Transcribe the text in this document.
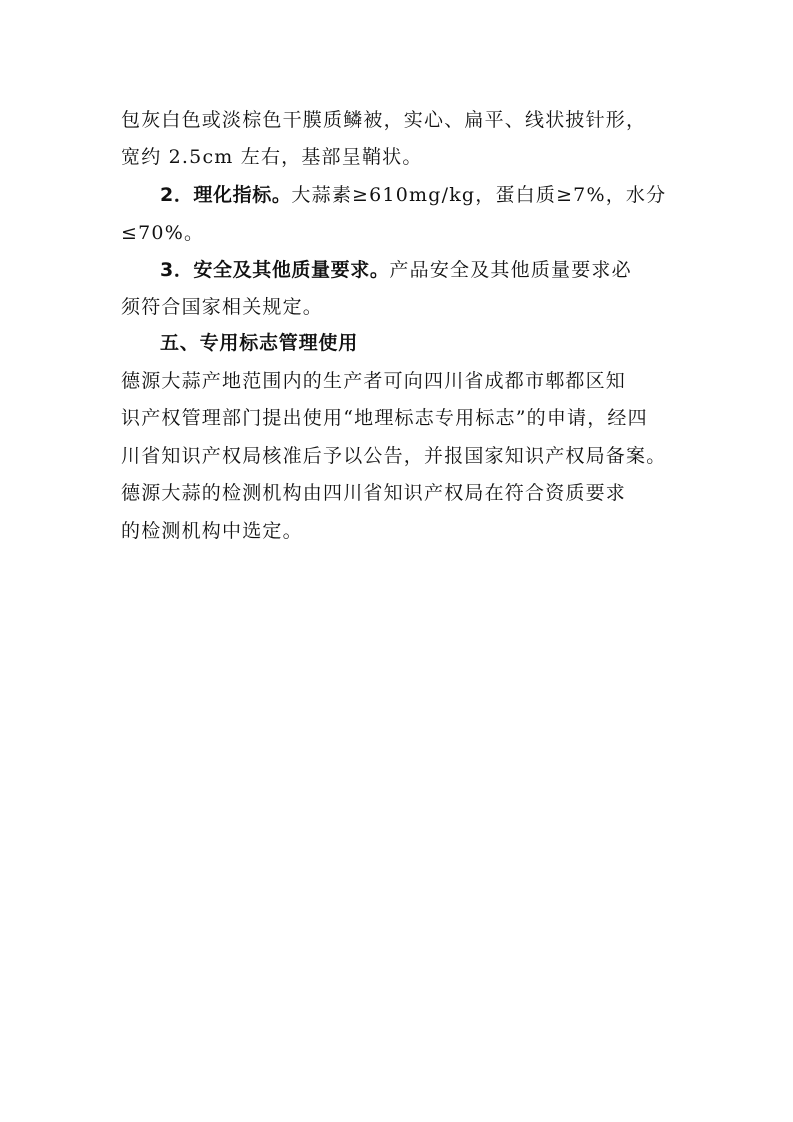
包灰白色或淡棕色干膜质鳞被，实心、扁平、线状披针形，
宽约 2.5cm 左右，基部呈鞘状。
2．理化指标。大蒜素≥610mg/kg，蛋白质≥7%，水分
≤70%。
3．安全及其他质量要求。产品安全及其他质量要求必
须符合国家相关规定。
五、专用标志管理使用
德源大蒜产地范围内的生产者可向四川省成都市郫都区知
识产权管理部门提出使用“地理标志专用标志”的申请，经四
川省知识产权局核准后予以公告，并报国家知识产权局备案。
德源大蒜的检测机构由四川省知识产权局在符合资质要求
的检测机构中选定。
